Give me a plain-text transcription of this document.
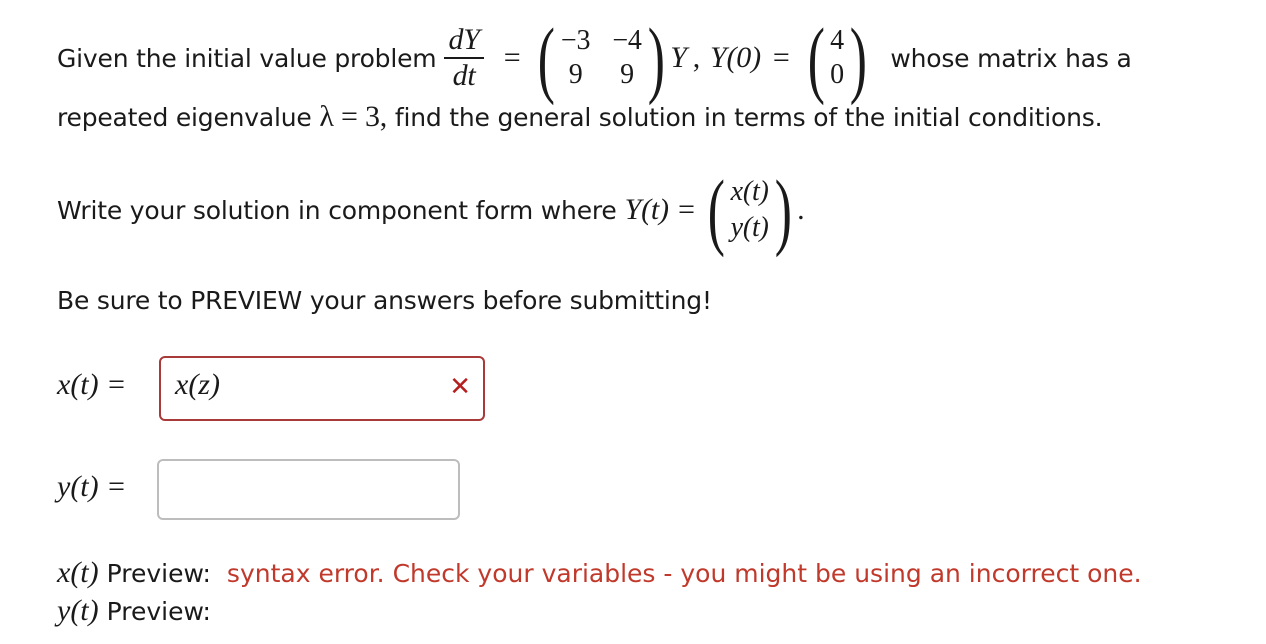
Given the initial value problem $\frac{dY}{dt}$ = ( −3 −4
9 9 ) Y , Y(0) = ( 4
0 ) whose matrix has a
repeated eigenvalue λ = 3, find the general solution in terms of the initial conditions.
Write your solution in component form where Y(t) = ( x(t)
y(t) ) .
Be sure to PREVIEW your answers before submitting!
x(t) = x(z)	✕
y(t) =
x(t) Preview: syntax error. Check your variables - you might be using an incorrect one.
y(t) Preview:
